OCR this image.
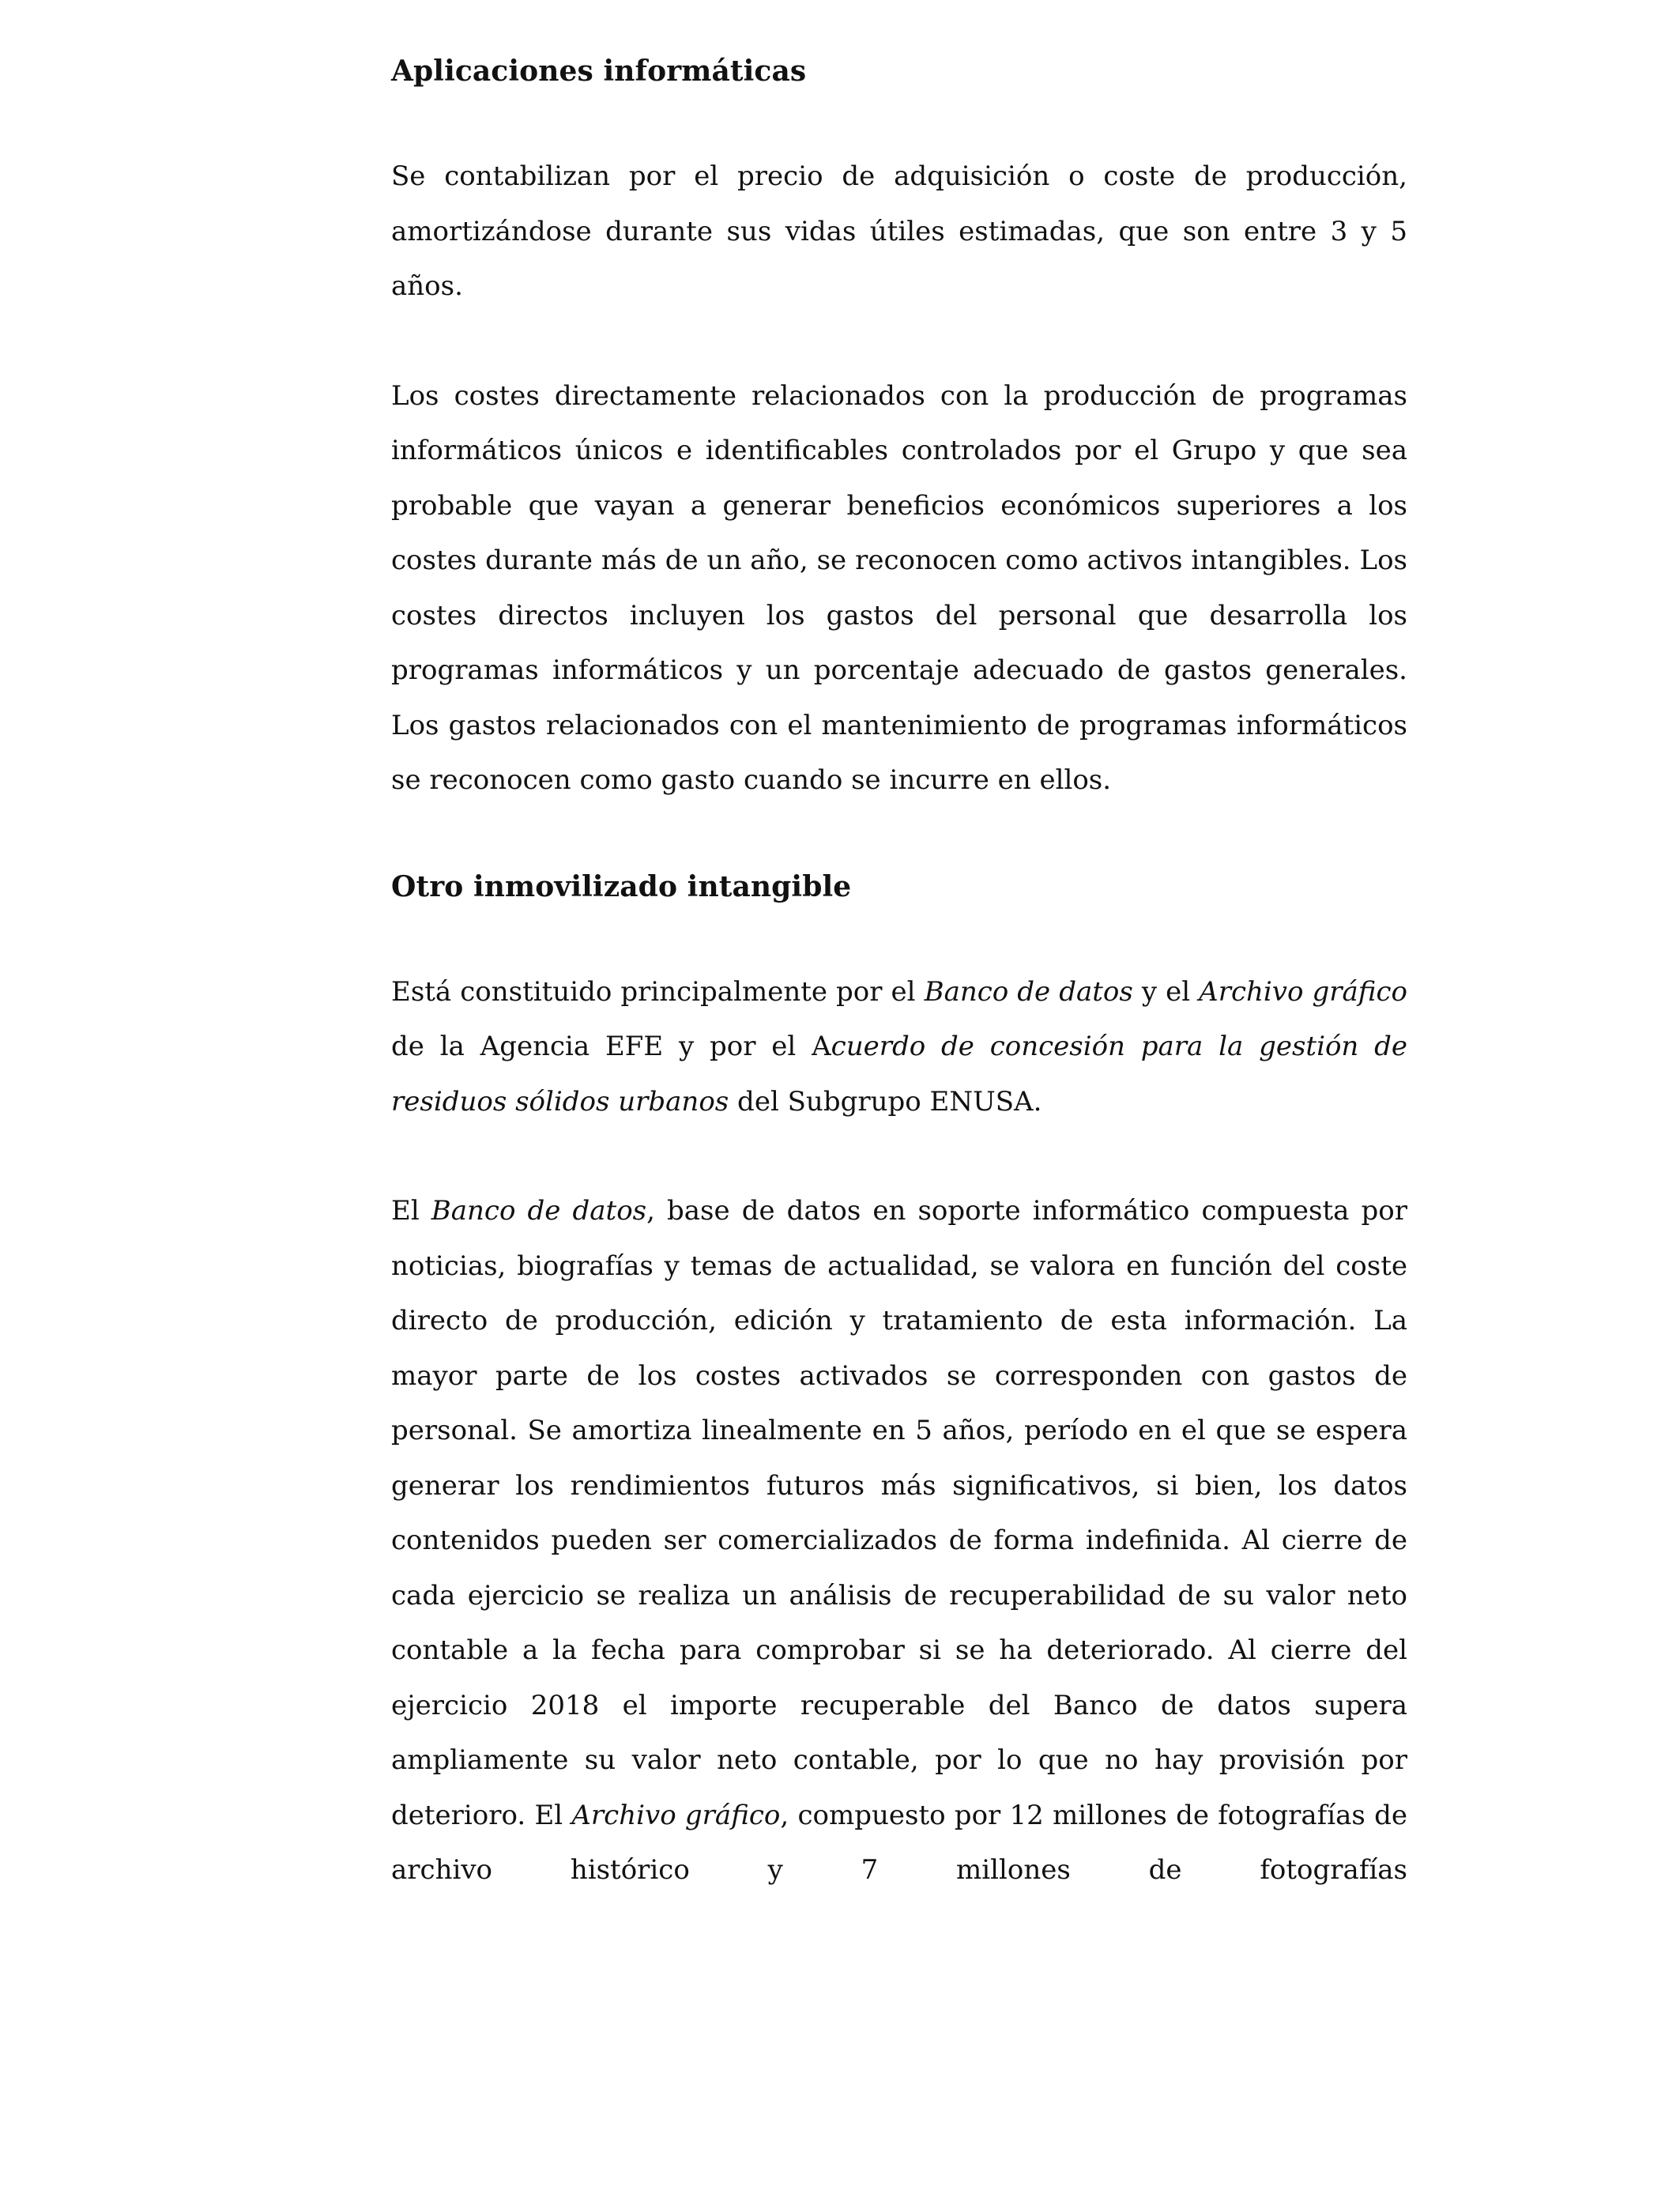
Aplicaciones informáticas

Se contabilizan por el precio de adquisición o coste de producción, amortizándose durante sus vidas útiles estimadas, que son entre 3 y 5 años.

Los costes directamente relacionados con la producción de programas informáticos únicos e identificables controlados por el Grupo y que sea probable que vayan a generar beneficios económicos superiores a los costes durante más de un año, se reconocen como activos intangibles. Los costes directos incluyen los gastos del personal que desarrolla los programas informáticos y un porcentaje adecuado de gastos generales. Los gastos relacionados con el mantenimiento de programas informáticos se reconocen como gasto cuando se incurre en ellos.

Otro inmovilizado intangible

Está constituido principalmente por el Banco de datos y el Archivo gráfico de la Agencia EFE y por el Acuerdo de concesión para la gestión de residuos sólidos urbanos del Subgrupo ENUSA.

El Banco de datos, base de datos en soporte informático compuesta por noticias, biografías y temas de actualidad, se valora en función del coste directo de producción, edición y tratamiento de esta información. La mayor parte de los costes activados se corresponden con gastos de personal. Se amortiza linealmente en 5 años, período en el que se espera generar los rendimientos futuros más significativos, si bien, los datos contenidos pueden ser comercializados de forma indefinida. Al cierre de cada ejercicio se realiza un análisis de recuperabilidad de su valor neto contable a la fecha para comprobar si se ha deteriorado. Al cierre del ejercicio 2018 el importe recuperable del Banco de datos supera ampliamente su valor neto contable, por lo que no hay provisión por deterioro. El Archivo gráfico, compuesto por 12 millones de fotografías de archivo histórico y 7 millones de fotografías
